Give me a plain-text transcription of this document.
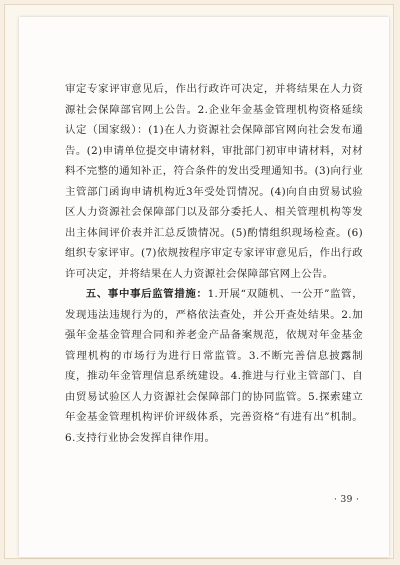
审定专家评审意见后，作出行政许可决定，并将结果在人力资源社会保障部官网上公告。2.企业年金基金管理机构资格延续认定（国家级）：(1)在人力资源社会保障部官网向社会发布通告。(2)申请单位提交申请材料，审批部门初审申请材料，对材料不完整的通知补正，符合条件的发出受理通知书。(3)向行业主管部门函询申请机构近3年受处罚情况。(4)向自由贸易试验区人力资源社会保障部门以及部分委托人、相关管理机构等发出主体间评价表并汇总反馈情况。(5)酌情组织现场检查。(6)组织专家评审。(7)依规按程序审定专家评审意见后，作出行政许可决定，并将结果在人力资源社会保障部官网上公告。

五、事中事后监管措施：1.开展“双随机、一公开”监管，发现违法违规行为的，严格依法查处，并公开查处结果。2.加强年金基金管理合同和养老金产品备案规范，依规对年金基金管理机构的市场行为进行日常监管。3.不断完善信息披露制度，推动年金管理信息系统建设。4.推进与行业主管部门、自由贸易试验区人力资源社会保障部门的协同监管。5.探索建立年金基金管理机构评价评级体系，完善资格“有进有出”机制。6.支持行业协会发挥自律作用。

· 39 ·
